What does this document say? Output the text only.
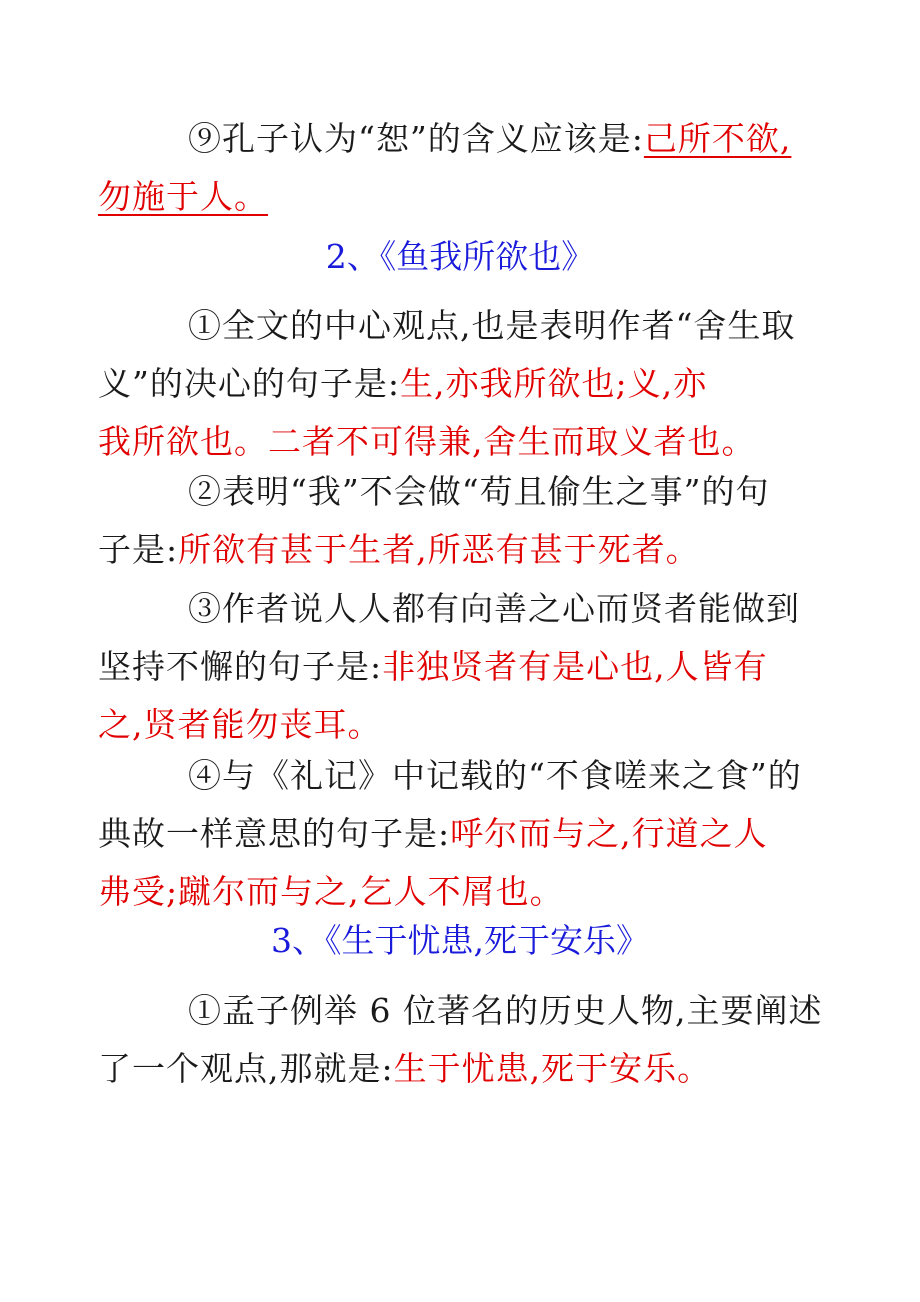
⑨孔子认为“恕”的含义应该是:己所不欲,
勿施于人。
2、《鱼我所欲也》
①全文的中心观点,也是表明作者“舍生取
义”的决心的句子是:生,亦我所欲也;义,亦
我所欲也。二者不可得兼,舍生而取义者也。
②表明“我”不会做“苟且偷生之事”的句
子是:所欲有甚于生者,所恶有甚于死者。
③作者说人人都有向善之心而贤者能做到
坚持不懈的句子是:非独贤者有是心也,人皆有
之,贤者能勿丧耳。
④与《礼记》中记载的“不食嗟来之食”的
典故一样意思的句子是:呼尔而与之,行道之人
弗受;蹴尔而与之,乞人不屑也。
3、《生于忧患,死于安乐》
①孟子例举 6 位著名的历史人物,主要阐述
了一个观点,那就是:生于忧患,死于安乐。
